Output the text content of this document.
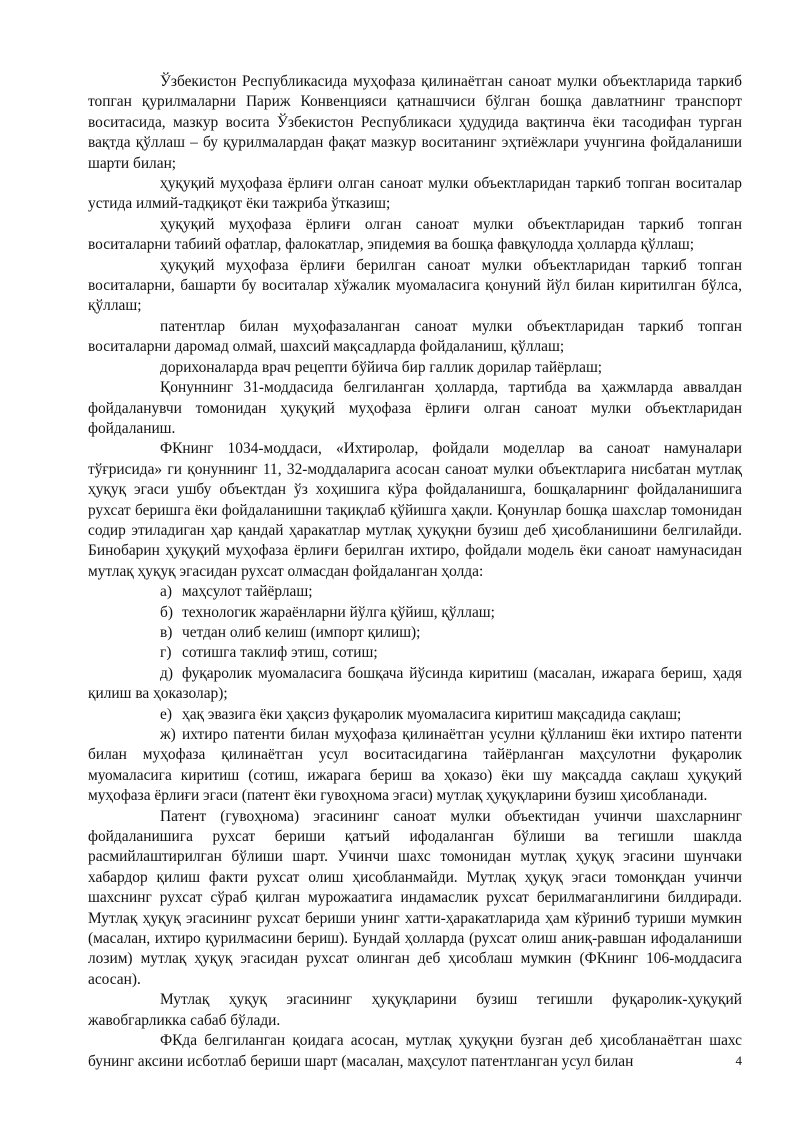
Ўзбекистон Республикасида муҳофаза қилинаётган саноат мулки объектларида таркиб топган қурилмаларни Париж Конвенцияси қатнашчиси бўлган бошқа давлатнинг транспорт воситасида, мазкур восита Ўзбекистон Республикаси ҳудудида вақтинча ёки тасодифан турган вақтда қўллаш – бу қурилмалардан фақат мазкур воситанинг эҳтиёжлари учунгина фойдаланиши шарти билан;

ҳуқуқий муҳофаза ёрлиғи олган саноат мулки объектларидан таркиб топган воситалар устида илмий-тадқиқот ёки тажриба ўтказиш;

ҳуқуқий муҳофаза ёрлиғи олган саноат мулки объектларидан таркиб топган воситаларни табиий офатлар, фалокатлар, эпидемия ва бошқа фавқулодда ҳолларда қўллаш;

ҳуқуқий муҳофаза ёрлиғи берилган саноат мулки объектларидан таркиб топган воситаларни, башарти бу воситалар хўжалик муомаласига қонуний йўл билан киритилган бўлса, қўллаш;

патентлар билан муҳофазаланган саноат мулки объектларидан таркиб топган воситаларни даромад олмай, шахсий мақсадларда фойдаланиш, қўллаш;

дорихоналарда врач рецепти бўйича бир галлик дорилар тайёрлаш;

Қонуннинг 31-моддасида белгиланган ҳолларда, тартибда ва ҳажмларда аввалдан фойдаланувчи томонидан ҳуқуқий муҳофаза ёрлиғи олган саноат мулки объектларидан фойдаланиш.

ФКнинг 1034-моддаси, «Ихтиролар, фойдали моделлар ва саноат намуналари тўғрисида» ги қонуннинг 11, 32-моддаларига асосан саноат мулки объектларига нисбатан мутлақ ҳуқуқ эгаси ушбу объектдан ўз хоҳишига кўра фойдаланишга, бошқаларнинг фойдаланишига рухсат беришга ёки фойдаланишни тақиқлаб қўйишга ҳақли. Қонунлар бошқа шахслар томонидан содир этиладиган ҳар қандай ҳаракатлар мутлақ ҳуқуқни бузиш деб ҳисобланишини белгилайди. Бинобарин ҳуқуқий муҳофаза ёрлиғи берилган ихтиро, фойдали модель ёки саноат намунасидан мутлақ ҳуқуқ эгасидан рухсат олмасдан фойдаланган ҳолда:

а) маҳсулот тайёрлаш;

б) технологик жараёнларни йўлга қўйиш, қўллаш;

в) четдан олиб келиш (импорт қилиш);

г) сотишга таклиф этиш, сотиш;

д) фуқаролик муомаласига бошқача йўсинда киритиш (масалан, ижарага бериш, ҳадя қилиш ва ҳоказолар);

е) ҳақ эвазига ёки ҳақсиз фуқаролик муомаласига киритиш мақсадида сақлаш;

ж) ихтиро патенти билан муҳофаза қилинаётган усулни қўлланиш ёки ихтиро патенти билан муҳофаза қилинаётган усул воситасидагина тайёрланган маҳсулотни фуқаролик муомаласига киритиш (сотиш, ижарага бериш ва ҳоказо) ёки шу мақсадда сақлаш ҳуқуқий муҳофаза ёрлиғи эгаси (патент ёки гувоҳнома эгаси) мутлақ ҳуқуқларини бузиш ҳисобланади.

Патент (гувоҳнома) эгасининг саноат мулки объектидан учинчи шахсларнинг фойдаланишига рухсат бериши қатъий ифодаланган бўлиши ва тегишли шаклда расмийлаштирилган бўлиши шарт. Учинчи шахс томонидан мутлақ ҳуқуқ эгасини шунчаки хабардор қилиш факти рухсат олиш ҳисобланмайди. Мутлақ ҳуқуқ эгаси томонқдан учинчи шахснинг рухсат сўраб қилган мурожаатига индамаслик рухсат берилмаганлигини билдиради. Мутлақ ҳуқуқ эгасининг рухсат бериши унинг хатти-ҳаракатларида ҳам кўриниб туриши мумкин (масалан, ихтиро қурилмасини бериш). Бундай ҳолларда (рухсат олиш аниқ-равшан ифодаланиши лозим) мутлақ ҳуқуқ эгасидан рухсат олинган деб ҳисоблаш мумкин (ФКнинг 106-моддасига асосан).

Мутлақ ҳуқуқ эгасининг ҳуқуқларини бузиш тегишли фуқаролик-ҳуқуқий жавобгарликка сабаб бўлади.

ФКда белгиланган қоидага асосан, мутлақ ҳуқуқни бузган деб ҳисобланаётган шахс бунинг аксини исботлаб бериши шарт (масалан, маҳсулот патентланган усул билан	4
